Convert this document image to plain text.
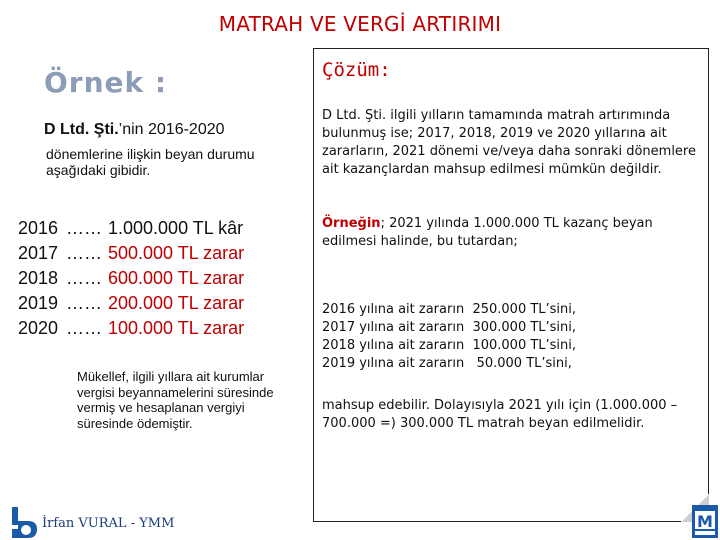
MATRAH VE VERGİ ARTIRIMI
Örnek :
D Ltd. Şti.’nin 2016-2020
dönemlerine ilişkin beyan durumu aşağıdaki gibidir.
2016 …… 1.000.000 TL kâr
2017 …… 500.000 TL zarar
2018 …… 600.000 TL zarar
2019 …… 200.000 TL zarar
2020 …… 100.000 TL zarar
Mükellef, ilgili yıllara ait kurumlar vergisi beyannamelerini süresinde vermiş ve hesaplanan vergiyi süresinde ödemiştir.
İrfan VURAL - YMM
Çözüm:
D Ltd. Şti. ilgili yılların tamamında matrah artırımında bulunmuş ise; 2017, 2018, 2019 ve 2020 yıllarına ait zararların, 2021 dönemi ve/veya daha sonraki dönemlere ait kazançlardan mahsup edilmesi mümkün değildir.
Örneğin; 2021 yılında 1.000.000 TL kazanç beyan edilmesi halinde, bu tutardan;
2016 yılına ait zararın  250.000 TL’sini,
2017 yılına ait zararın  300.000 TL’sini,
2018 yılına ait zararın  100.000 TL’sini,
2019 yılına ait zararın   50.000 TL’sini,
mahsup edebilir. Dolayısıyla 2021 yılı için (1.000.000 – 700.000 =) 300.000 TL matrah beyan edilmelidir.
M
